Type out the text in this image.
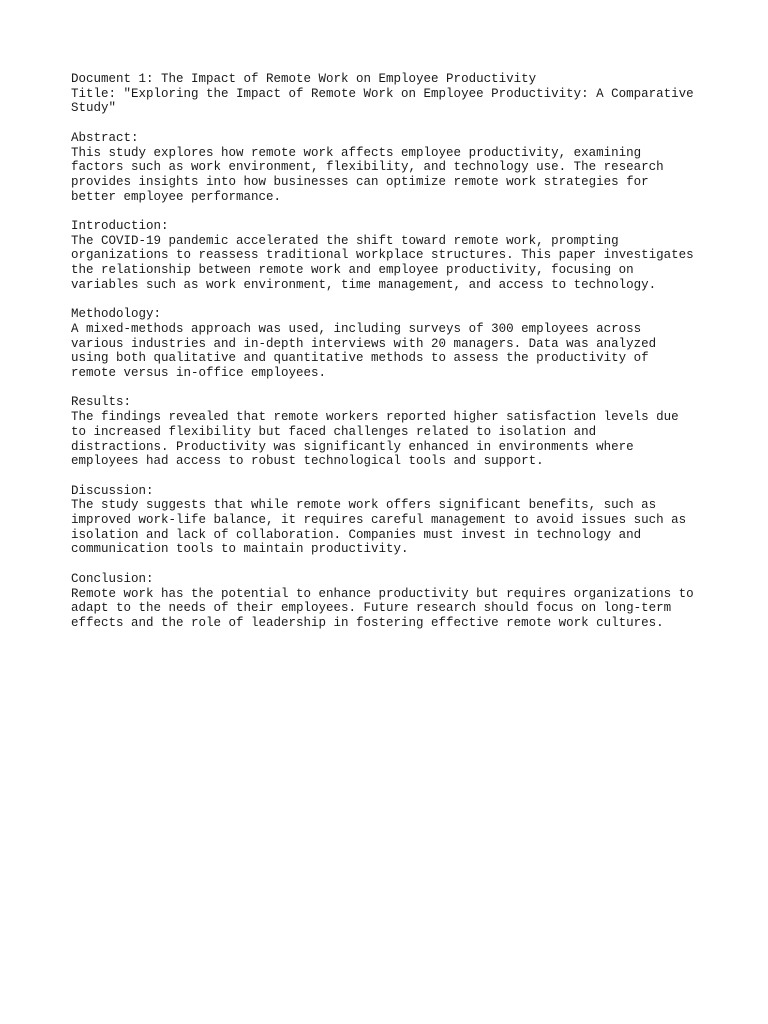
Document 1: The Impact of Remote Work on Employee Productivity
Title: "Exploring the Impact of Remote Work on Employee Productivity: A Comparative
Study"
Abstract:
This study explores how remote work affects employee productivity, examining
factors such as work environment, flexibility, and technology use. The research
provides insights into how businesses can optimize remote work strategies for
better employee performance.
Introduction:
The COVID-19 pandemic accelerated the shift toward remote work, prompting
organizations to reassess traditional workplace structures. This paper investigates
the relationship between remote work and employee productivity, focusing on
variables such as work environment, time management, and access to technology.
Methodology:
A mixed-methods approach was used, including surveys of 300 employees across
various industries and in-depth interviews with 20 managers. Data was analyzed
using both qualitative and quantitative methods to assess the productivity of
remote versus in-office employees.
Results:
The findings revealed that remote workers reported higher satisfaction levels due
to increased flexibility but faced challenges related to isolation and
distractions. Productivity was significantly enhanced in environments where
employees had access to robust technological tools and support.
Discussion:
The study suggests that while remote work offers significant benefits, such as
improved work-life balance, it requires careful management to avoid issues such as
isolation and lack of collaboration. Companies must invest in technology and
communication tools to maintain productivity.
Conclusion:
Remote work has the potential to enhance productivity but requires organizations to
adapt to the needs of their employees. Future research should focus on long-term
effects and the role of leadership in fostering effective remote work cultures.
